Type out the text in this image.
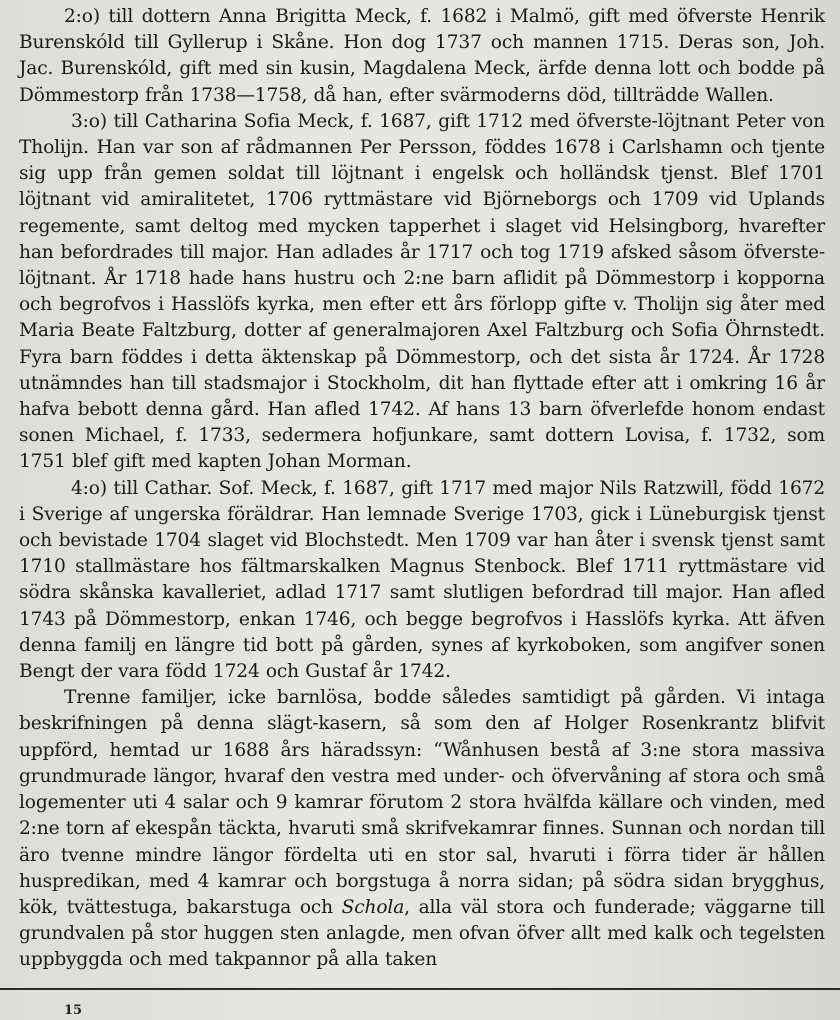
2:o) till dottern Anna Brigitta Meck, f. 1682 i Malmö, gift med öfverste Henrik Burenskóld till Gyllerup i Skåne. Hon dog 1737 och mannen 1715. Deras son, Joh. Jac. Burenskóld, gift med sin kusin, Magdalena Meck, ärfde denna lott och bodde på Dömmestorp från 1738—1758, då han, efter svärmoderns död, tillträdde Wallen.

3:o) till Catharina Sofia Meck, f. 1687, gift 1712 med öfverste-löjtnant Peter von Tholijn. Han var son af rådmannen Per Persson, föddes 1678 i Carlshamn och tjente sig upp från gemen soldat till löjtnant i engelsk och holländsk tjenst. Blef 1701 löjtnant vid amiralitetet, 1706 ryttmästare vid Björneborgs och 1709 vid Uplands regemente, samt deltog med mycken tapperhet i slaget vid Helsingborg, hvarefter han befordrades till major. Han adlades år 1717 och tog 1719 afsked såsom öfverste-löjtnant. År 1718 hade hans hustru och 2:ne barn aflidit på Dömmestorp i kopporna och begrofvos i Hasslöfs kyrka, men efter ett års förlopp gifte v. Tholijn sig åter med Maria Beate Faltzburg, dotter af generalmajoren Axel Faltzburg och Sofia Öhrnstedt. Fyra barn föddes i detta äktenskap på Dömmestorp, och det sista år 1724. År 1728 utnämndes han till stadsmajor i Stockholm, dit han flyttade efter att i omkring 16 år hafva bebott denna gård. Han afled 1742. Af hans 13 barn öfverlefde honom endast sonen Michael, f. 1733, sedermera hofjunkare, samt dottern Lovisa, f. 1732, som 1751 blef gift med kapten Johan Morman.

4:o) till Cathar. Sof. Meck, f. 1687, gift 1717 med major Nils Ratzwill, född 1672 i Sverige af ungerska föräldrar. Han lemnade Sverige 1703, gick i Lüneburgisk tjenst och bevistade 1704 slaget vid Blochstedt. Men 1709 var han åter i svensk tjenst samt 1710 stallmästare hos fältmarskalken Magnus Stenbock. Blef 1711 ryttmästare vid södra skånska kavalleriet, adlad 1717 samt slutligen befordrad till major. Han afled 1743 på Dömmestorp, enkan 1746, och begge begrofvos i Hasslöfs kyrka. Att äfven denna familj en längre tid bott på gården, synes af kyrkoboken, som angifver sonen Bengt der vara född 1724 och Gustaf år 1742.

Trenne familjer, icke barnlösa, bodde således samtidigt på gården. Vi intaga beskrifningen på denna slägt-kasern, så som den af Holger Rosenkrantz blifvit uppförd, hemtad ur 1688 års häradssyn: “Wånhusen bestå af 3:ne stora massiva grundmurade längor, hvaraf den vestra med under- och öfvervåning af stora och små logementer uti 4 salar och 9 kamrar förutom 2 stora hvälfda källare och vinden, med 2:ne torn af ekespån täckta, hvaruti små skrifvekamrar finnes. Sunnan och nordan till äro tvenne mindre längor fördelta uti en stor sal, hvaruti i förra tider är hållen huspredikan, med 4 kamrar och borgstuga å norra sidan; på södra sidan brygghus, kök, tvättestuga, bakarstuga och Schola, alla väl stora och funderade; väggarne till grundvalen på stor huggen sten anlagde, men ofvan öfver allt med kalk och tegelsten uppbyggda och med takpannor på alla taken

15
